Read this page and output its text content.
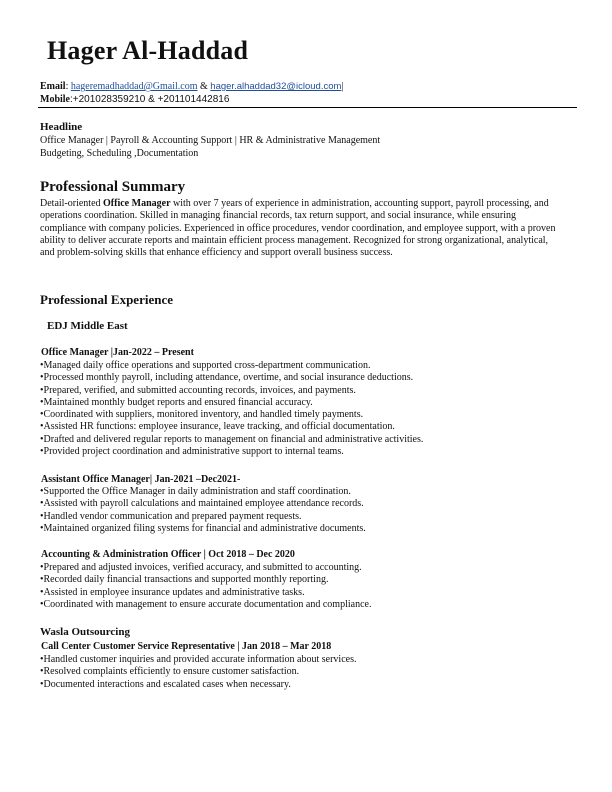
Hager Al-Haddad
Email: hageremadhaddad@Gmail.com & hager.alhaddad32@icloud.com|
Mobile:+201028359210 & +201101442816
Headline
Office Manager | Payroll & Accounting Support | HR & Administrative Management
Budgeting, Scheduling ,Documentation
Professional Summary
Detail-oriented Office Manager with over 7 years of experience in administration, accounting support, payroll processing, and operations coordination. Skilled in managing financial records, tax return support, and social insurance, while ensuring compliance with company policies. Experienced in office procedures, vendor coordination, and employee support, with a proven ability to deliver accurate reports and maintain efficient process management. Recognized for strong organizational, analytical, and problem-solving skills that enhance efficiency and support overall business success.
Professional Experience
EDJ Middle East
Office Manager |Jan-2022 – Present
• Managed daily office operations and supported cross-department communication.
• Processed monthly payroll, including attendance, overtime, and social insurance deductions.
• Prepared, verified, and submitted accounting records, invoices, and payments.
• Maintained monthly budget reports and ensured financial accuracy.
• Coordinated with suppliers, monitored inventory, and handled timely payments.
• Assisted HR functions: employee insurance, leave tracking, and official documentation.
• Drafted and delivered regular reports to management on financial and administrative activities.
• Provided project coordination and administrative support to internal teams.
Assistant Office Manager| Jan-2021 –Dec2021-
• Supported the Office Manager in daily administration and staff coordination.
• Assisted with payroll calculations and maintained employee attendance records.
• Handled vendor communication and prepared payment requests.
• Maintained organized filing systems for financial and administrative documents.
Accounting & Administration Officer | Oct 2018 – Dec 2020
• Prepared and adjusted invoices, verified accuracy, and submitted to accounting.
• Recorded daily financial transactions and supported monthly reporting.
• Assisted in employee insurance updates and administrative tasks.
• Coordinated with management to ensure accurate documentation and compliance.
Wasla Outsourcing
Call Center Customer Service Representative | Jan 2018 – Mar 2018
• Handled customer inquiries and provided accurate information about services.
• Resolved complaints efficiently to ensure customer satisfaction.
• Documented interactions and escalated cases when necessary.
